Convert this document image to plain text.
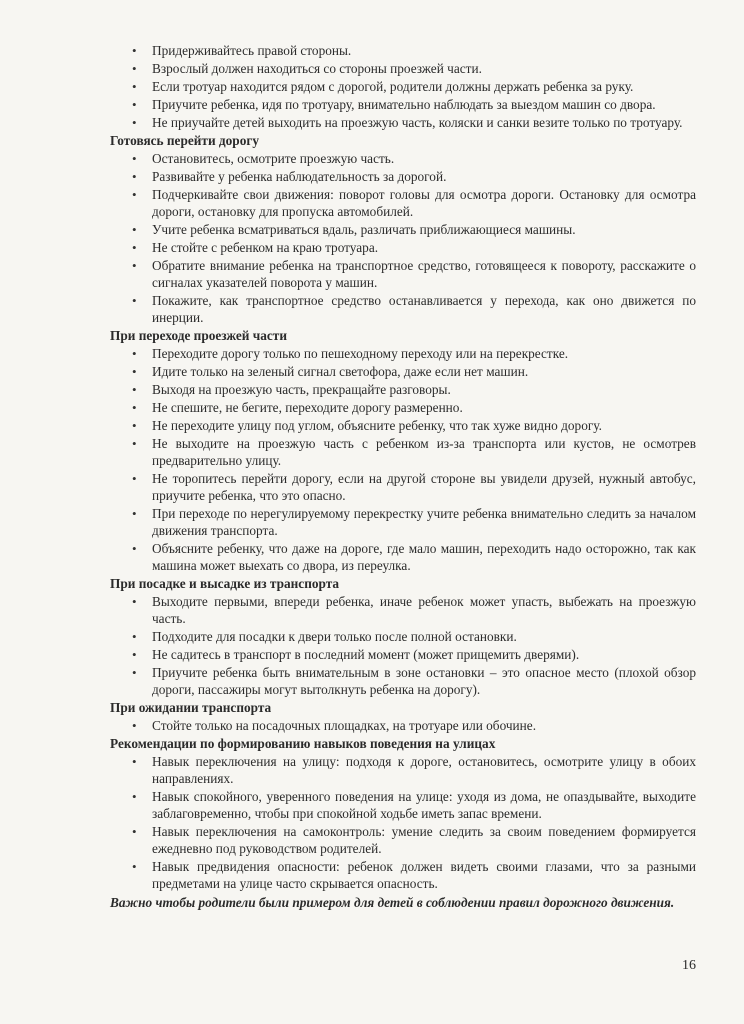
• Придерживайтесь правой стороны.
• Взрослый должен находиться со стороны проезжей части.
• Если тротуар находится рядом с дорогой, родители должны держать ребенка за руку.
• Приучите ребенка, идя по тротуару, внимательно наблюдать за выездом машин со двора.
• Не приучайте детей выходить на проезжую часть, коляски и санки везите только по тротуару.
Готовясь перейти дорогу
• Остановитесь, осмотрите проезжую часть.
• Развивайте у ребенка наблюдательность за дорогой.
• Подчеркивайте свои движения: поворот головы для осмотра дороги. Остановку для осмотра дороги, остановку для пропуска автомобилей.
• Учите ребенка всматриваться вдаль, различать приближающиеся машины.
• Не стойте с ребенком на краю тротуара.
• Обратите внимание ребенка на транспортное средство, готовящееся к повороту, расскажите о сигналах указателей поворота у машин.
• Покажите, как транспортное средство останавливается у перехода, как оно движется по инерции.
При переходе проезжей части
• Переходите дорогу только по пешеходному переходу или на перекрестке.
• Идите только на зеленый сигнал светофора, даже если нет машин.
• Выходя на проезжую часть, прекращайте разговоры.
• Не спешите, не бегите, переходите дорогу размеренно.
• Не переходите улицу под углом, объясните ребенку, что так хуже видно дорогу.
• Не выходите на проезжую часть с ребенком из-за транспорта или кустов, не осмотрев предварительно улицу.
• Не торопитесь перейти дорогу, если на другой стороне вы увидели друзей, нужный автобус, приучите ребенка, что это опасно.
• При переходе по нерегулируемому перекрестку учите ребенка внимательно следить за началом движения транспорта.
• Объясните ребенку, что даже на дороге, где мало машин, переходить надо осторожно, так как машина может выехать со двора, из переулка.
При посадке и высадке из транспорта
• Выходите первыми, впереди ребенка, иначе ребенок может упасть, выбежать на проезжую часть.
• Подходите для посадки к двери только после полной остановки.
• Не садитесь в транспорт в последний момент (может прищемить дверями).
• Приучите ребенка быть внимательным в зоне остановки – это опасное место (плохой обзор дороги, пассажиры могут вытолкнуть ребенка на дорогу).
При ожидании транспорта
• Стойте только на посадочных площадках, на тротуаре или обочине.
Рекомендации по формированию навыков поведения на улицах
• Навык переключения на улицу: подходя к дороге, остановитесь, осмотрите улицу в обоих направлениях.
• Навык спокойного, уверенного поведения на улице: уходя из дома, не опаздывайте, выходите заблаговременно, чтобы при спокойной ходьбе иметь запас времени.
• Навык переключения на самоконтроль: умение следить за своим поведением формируется ежедневно под руководством родителей.
• Навык предвидения опасности: ребенок должен видеть своими глазами, что за разными предметами на улице часто скрывается опасность.
Важно чтобы родители были примером для детей в соблюдении правил дорожного движения.
16
